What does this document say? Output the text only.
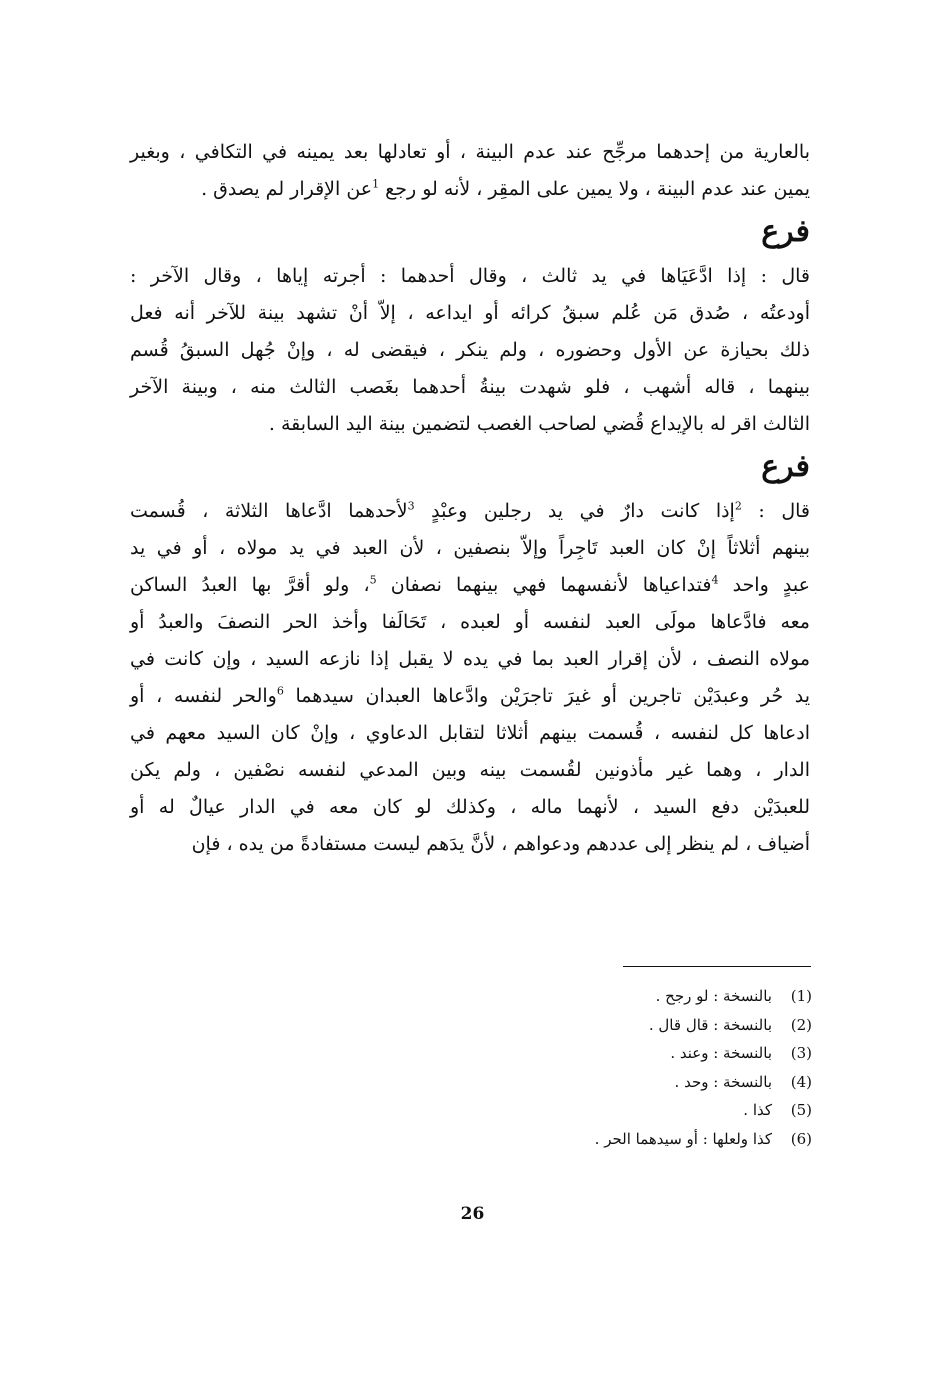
بالعارية من إحدهما مرجِّح عند عدم البينة ، أو تعادلها بعد يمينه في التكافي ، وبغير
يمين عند عدم البينة ، ولا يمين على المقِر ، لأنه لو رجع $^1$عن الإقرار لم يصدق .

فرع

قال : إذا ادَّعَيَاها في يد ثالث ، وقال أحدهما : أجرته إياها ، وقال الآخر :
أودعتُه ، صُدق مَن عُلم سبقُ كرائه أو ايداعه ، إلاّ أنْ تشهد بينة للآخر أنه فعل
ذلك بحيازة عن الأول وحضوره ، ولم ينكر ، فيقضى له ، وإنْ جُهل السبقُ قُسم
بينهما ، قاله أشهب ، فلو شهدت بينةُ أحدهما بغَصب الثالث منه ، وبينة الآخر
الثالث اقر له بالإيداع قُضي لصاحب الغصب لتضمين بينة اليد السابقة .

فرع

قال : $^2$إذا كانت دارٌ في يد رجلين وعبْدٍ $^3$لأحدهما ادَّعاها الثلاثة ، قُسمت
بينهم أثلاثاً إنْ كان العبد تَاجِراً وإلاّ بنصفين ، لأن العبد في يد مولاه ، أو في يد
عبدٍ واحد $^4$فتداعياها لأنفسهما فهي بينهما نصفان $^5$، ولو أقرَّ بها العبدُ الساكن
معه فادَّعاها مولَى العبد لنفسه أو لعبده ، تَحَالَفا وأخذ الحر النصفَ والعبدُ أو
مولاه النصف ، لأن إقرار العبد بما في يده لا يقبل إذا نازعه السيد ، وإن كانت في
يد حُر وعبدَيْن تاجرين أو غيرَ تاجرَيْن وادَّعاها العبدان سيدهما $^6$والحر لنفسه ، أو
ادعاها كل لنفسه ، قُسمت بينهم أثلاثا لتقابل الدعاوي ، وإنْ كان السيد معهم في
الدار ، وهما غير مأذونين لقُسمت بينه وبين المدعي لنفسه نصْفين ، ولم يكن
للعبدَيْن دفع السيد ، لأنهما ماله ، وكذلك لو كان معه في الدار عيالٌ له أو
أضياف ، لم ينظر إلى عددهم ودعواهم ، لأنَّ يدَهم ليست مستفادةً من يده ، فإن

(1)بالنسخة : لو رجح .
(2)بالنسخة : قال قال .
(3)بالنسخة : وعند .
(4)بالنسخة : وحد .
(5)كذا .
(6)كذا ولعلها : أو سيدهما الحر .
26
